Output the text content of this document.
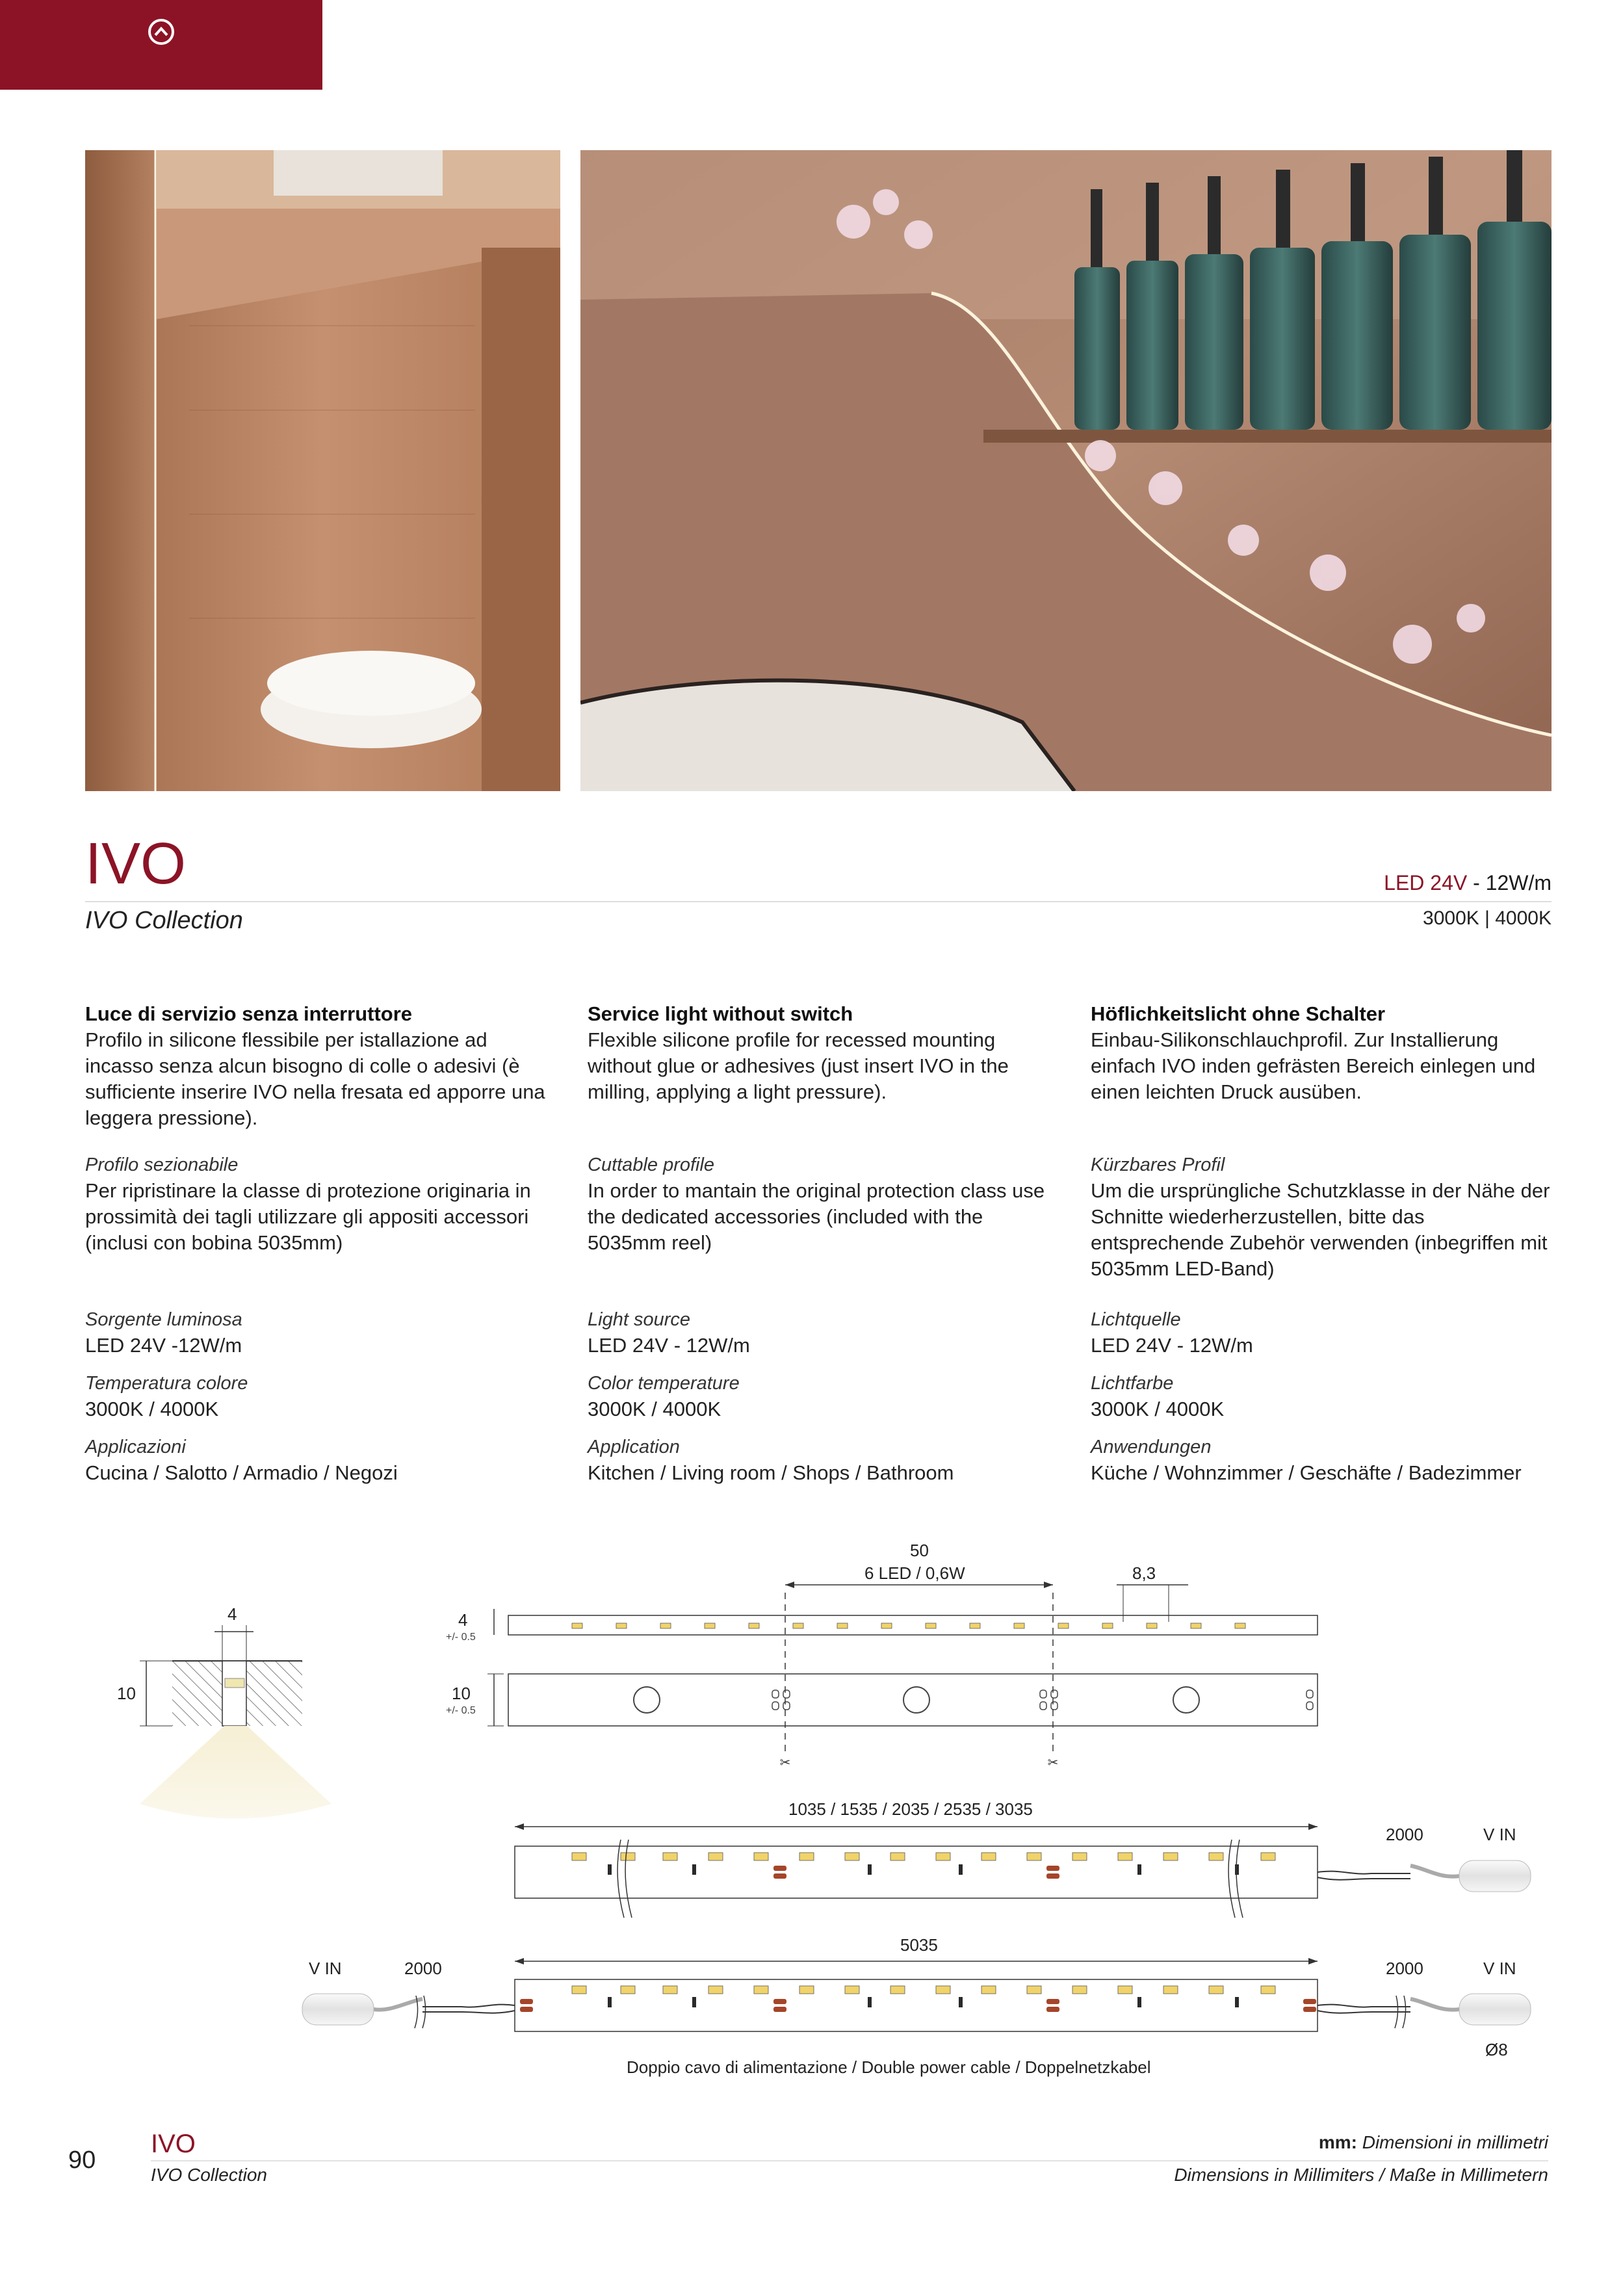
FORMA E FUNZIONE	®
IVO
IVO Collection
LED 24V - 12W/m
3000K | 4000K

Luce di servizio senza interruttore

Profilo in silicone flessibile per istallazione ad incasso senza alcun bisogno di colle o adesivi (è sufficiente inserire IVO nella fresata ed apporre una leggera pressione).

Profilo sezionabile

Per ripristinare la classe di protezione originaria in prossimità dei tagli utilizzare gli appositi accessori (inclusi con bobina 5035mm)

Sorgente luminosa

LED 24V -12W/m

Temperatura colore

3000K / 4000K

Applicazioni

Cucina / Salotto / Armadio / Negozi

Service light without switch

Flexible silicone profile for recessed mounting without glue or adhesives (just insert IVO in the milling, applying a light pressure).

Cuttable profile

In order to mantain the original protection class use the dedicated accessories (included with the 5035mm reel)

Light source

LED 24V - 12W/m

Color temperature

3000K / 4000K

Application

Kitchen / Living room / Shops / Bathroom

Höflichkeitslicht ohne Schalter

Einbau-Silikonschlauchprofil. Zur Installierung einfach IVO inden gefrästen Bereich einlegen und einen leichten Druck ausüben.

Kürzbares Profil

Um die ursprüngliche Schutzklasse in der Nähe der Schnitte wiederherzustellen, bitte das entsprechende Zubehör verwenden (inbegriffen mit 5035mm LED-Band)

Lichtquelle

LED 24V - 12W/m

Lichtfarbe

3000K / 4000K

Anwendungen

Küche / Wohnzimmer / Geschäfte / Badezimmer

✂	✂
4
10
50
6 LED / 0,6W	8,3
4
+/- 0.5
10
+/- 0.5
1035 / 1535 / 2035 / 2535 / 3035
2000	V IN
5035
V IN	2000	2000	V IN
Ø8
Doppio cavo di alimentazione / Double power cable / Doppelnetzkabel
90
IVO
IVO Collection
mm: Dimensioni in millimetri
Dimensions in Millimiters / Maße in Millimetern
